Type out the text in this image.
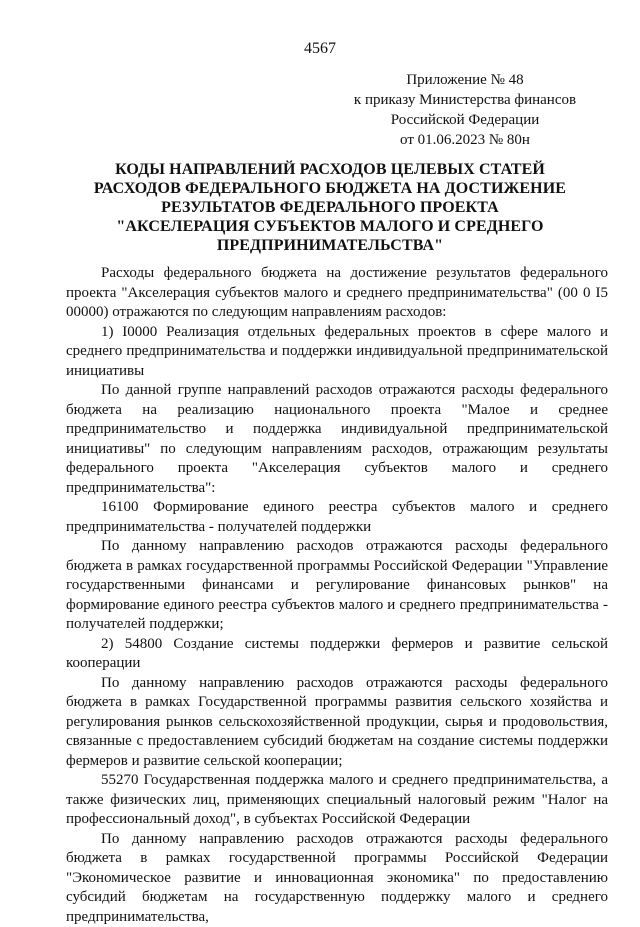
4567
Приложение № 48
к приказу Министерства финансов
Российской Федерации
от 01.06.2023 № 80н
КОДЫ НАПРАВЛЕНИЙ РАСХОДОВ ЦЕЛЕВЫХ СТАТЕЙ
РАСХОДОВ ФЕДЕРАЛЬНОГО БЮДЖЕТА НА ДОСТИЖЕНИЕ
РЕЗУЛЬТАТОВ ФЕДЕРАЛЬНОГО ПРОЕКТА
"АКСЕЛЕРАЦИЯ СУБЪЕКТОВ МАЛОГО И СРЕДНЕГО
ПРЕДПРИНИМАТЕЛЬСТВА"

Расходы федерального бюджета на достижение результатов федерального проекта "Акселерация субъектов малого и среднего предпринимательства" (00 0 I5 00000) отражаются по следующим направлениям расходов:

1) I0000 Реализация отдельных федеральных проектов в сфере малого и среднего предпринимательства и поддержки индивидуальной предпринимательской инициативы

По данной группе направлений расходов отражаются расходы федерального бюджета на реализацию национального проекта "Малое и среднее предпринимательство и поддержка индивидуальной предпринимательской инициативы" по следующим направлениям расходов, отражающим результаты федерального проекта "Акселерация субъектов малого и среднего предпринимательства":

16100 Формирование единого реестра субъектов малого и среднего предпринимательства - получателей поддержки

По данному направлению расходов отражаются расходы федерального бюджета в рамках государственной программы Российской Федерации "Управление государственными финансами и регулирование финансовых рынков" на формирование единого реестра субъектов малого и среднего предпринимательства - получателей поддержки;

2) 54800 Создание системы поддержки фермеров и развитие сельской кооперации

По данному направлению расходов отражаются расходы федерального бюджета в рамках Государственной программы развития сельского хозяйства и регулирования рынков сельскохозяйственной продукции, сырья и продовольствия, связанные с предоставлением субсидий бюджетам на создание системы поддержки фермеров и развитие сельской кооперации;

55270 Государственная поддержка малого и среднего предпринимательства, а также физических лиц, применяющих специальный налоговый режим "Налог на профессиональный доход", в субъектах Российской Федерации

По данному направлению расходов отражаются расходы федерального бюджета в рамках государственной программы Российской Федерации "Экономическое развитие и инновационная экономика" по предоставлению субсидий бюджетам на государственную поддержку малого и среднего предпринимательства,
